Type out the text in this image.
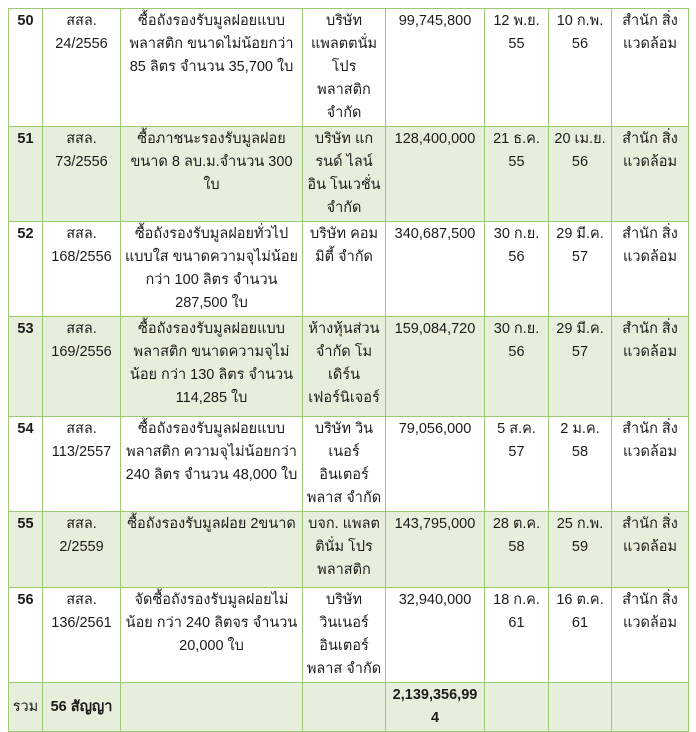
50	สสล. 24/2556	ซื้อถังรองรับมูลฝอยแบบ พลาสติก ขนาดไม่น้อยกว่า 85 ลิตร จำนวน 35,700 ใบ	บริษัท แพลตตนั่ม โปร พลาสติก จำกัด	99,745,800	12 พ.ย. 55	10 ก.พ. 56	สำนัก สิ่งแวดล้อม
51	สสล. 73/2556	ซื้อภาชนะรองรับมูลฝอยขนาด 8 ลบ.ม.จำนวน 300 ใบ	บริษัท แกรนด์ ไลน์ อิน โนเวชั่น จำกัด	128,400,000	21 ธ.ค. 55	20 เม.ย. 56	สำนัก สิ่งแวดล้อม
52	สสล. 168/2556	ซื้อถังรองรับมูลฝอยทั่วไปแบบใส ขนาดความจุไม่น้อยกว่า 100 ลิตร จำนวน 287,500 ใบ	บริษัท คอม มิตี้ จำกัด	340,687,500	30 ก.ย. 56	29 มี.ค. 57	สำนัก สิ่งแวดล้อม
53	สสล. 169/2556	ซื้อถังรองรับมูลฝอยแบบ พลาสติก ขนาดความจุไม่น้อย กว่า 130 ลิตร จำนวน 114,285 ใบ	ห้างหุ้นส่วน จำกัด โมเดิร์น เฟอร์นิเจอร์	159,084,720	30 ก.ย. 56	29 มี.ค. 57	สำนัก สิ่งแวดล้อม
54	สสล. 113/2557	ซื้อถังรองรับมูลฝอยแบบ พลาสติก ความจุไม่น้อยกว่า 240 ลิตร จำนวน 48,000 ใบ	บริษัท วิน เนอร์ อินเตอร์ พลาส จำกัด	79,056,000	5 ส.ค. 57	2 ม.ค. 58	สำนัก สิ่งแวดล้อม
55	สสล. 2/2559	ซื้อถังรองรับมูลฝอย 2ขนาด	บจก. แพลตตินั่ม โปร พลาสติก	143,795,000	28 ต.ค. 58	25 ก.พ. 59	สำนัก สิ่งแวดล้อม
56	สสล. 136/2561	จัดซื้อถังรองรับมูลฝอยไม่น้อย กว่า 240 ลิตจร จำนวน 20,000 ใบ	บริษัทวินเนอร์ อินเตอร์ พลาส จำกัด	32,940,000	18 ก.ค. 61	16 ต.ค. 61	สำนัก สิ่งแวดล้อม
รวม	56 สัญญา			2,139,356,994			
